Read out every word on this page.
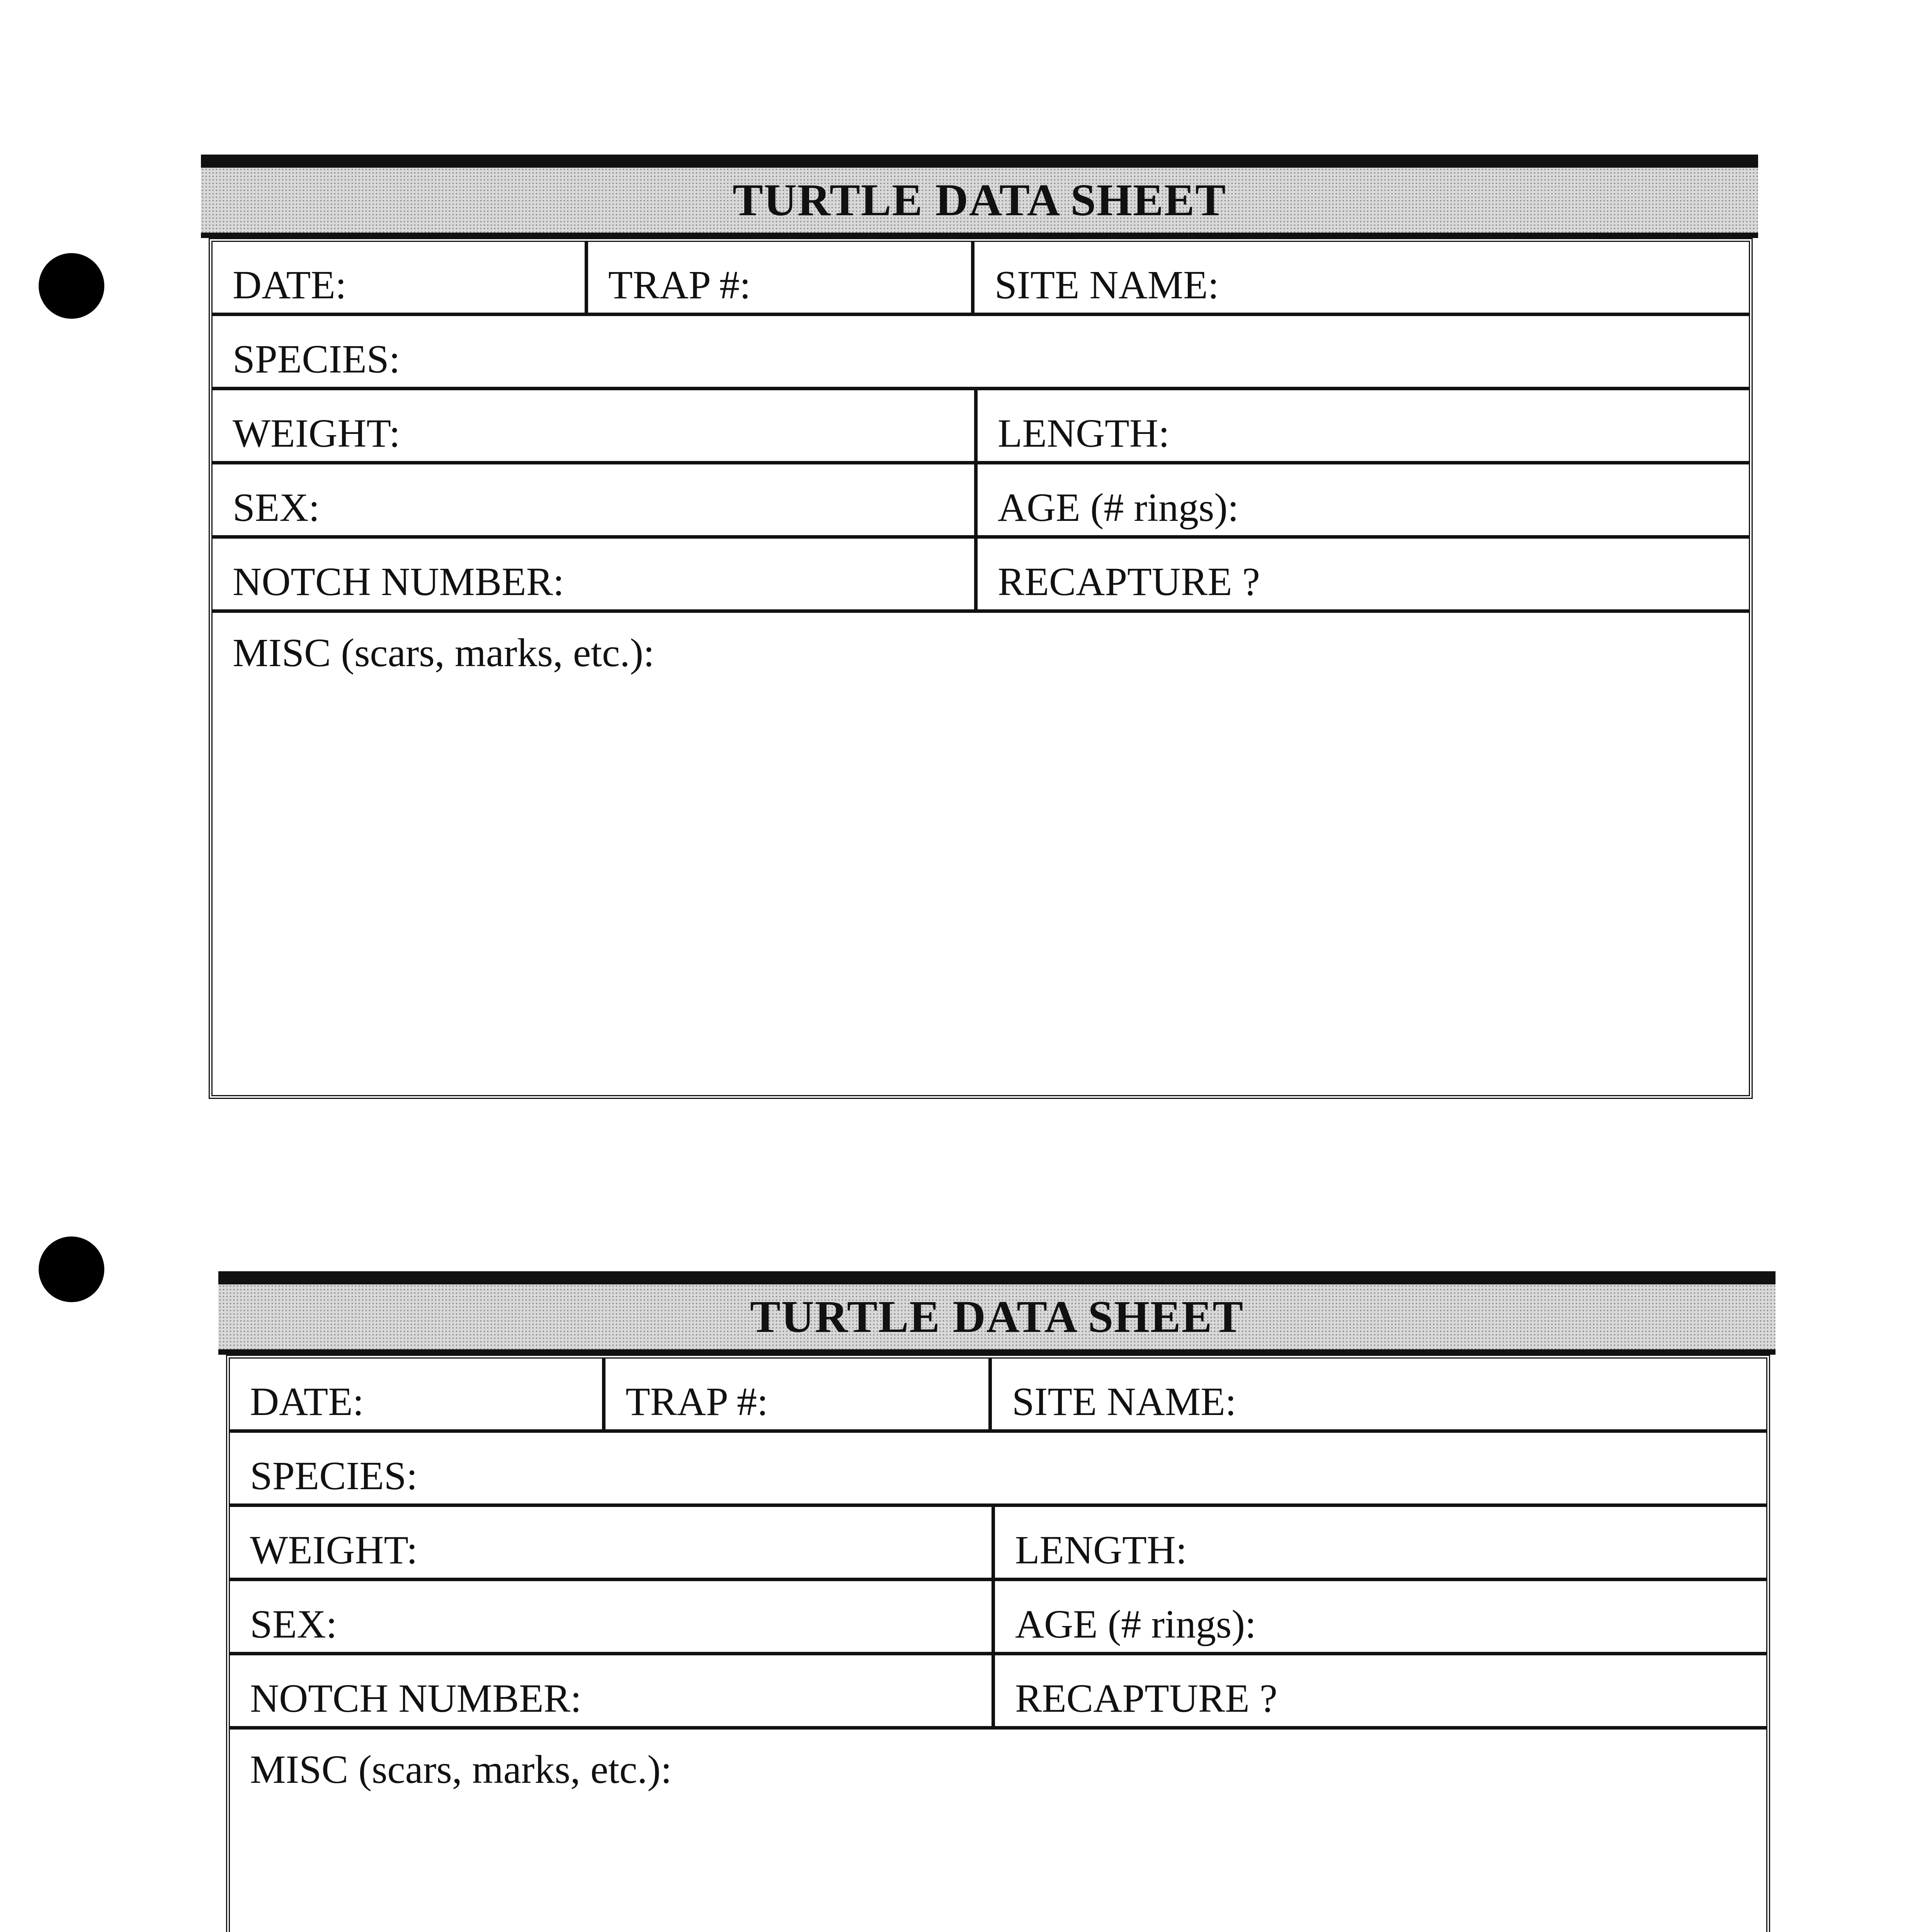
TURTLE DATA SHEET
DATE:	TRAP #:	SITE NAME:
SPECIES:
WEIGHT:	LENGTH:
SEX:	AGE (# rings):
NOTCH NUMBER:	RECAPTURE ?
MISC (scars, marks, etc.):
TURTLE DATA SHEET
DATE:	TRAP #:	SITE NAME:
SPECIES:
WEIGHT:	LENGTH:
SEX:	AGE (# rings):
NOTCH NUMBER:	RECAPTURE ?
MISC (scars, marks, etc.):
